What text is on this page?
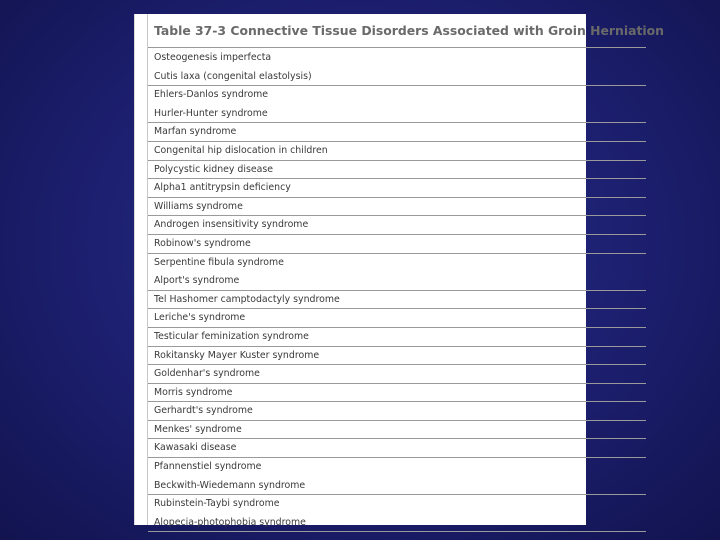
Table 37-3 Connective Tissue Disorders Associated with Groin Herniation
Osteogenesis imperfecta
Cutis laxa (congenital elastolysis)
Ehlers-Danlos syndrome
Hurler-Hunter syndrome
Marfan syndrome
Congenital hip dislocation in children
Polycystic kidney disease
Alpha1 antitrypsin deficiency
Williams syndrome
Androgen insensitivity syndrome
Robinow's syndrome
Serpentine fibula syndrome
Alport's syndrome
Tel Hashomer camptodactyly syndrome
Leriche's syndrome
Testicular feminization syndrome
Rokitansky Mayer Kuster syndrome
Goldenhar's syndrome
Morris syndrome
Gerhardt's syndrome
Menkes' syndrome
Kawasaki disease
Pfannenstiel syndrome
Beckwith-Wiedemann syndrome
Rubinstein-Taybi syndrome
Alopecia-photophobia syndrome
